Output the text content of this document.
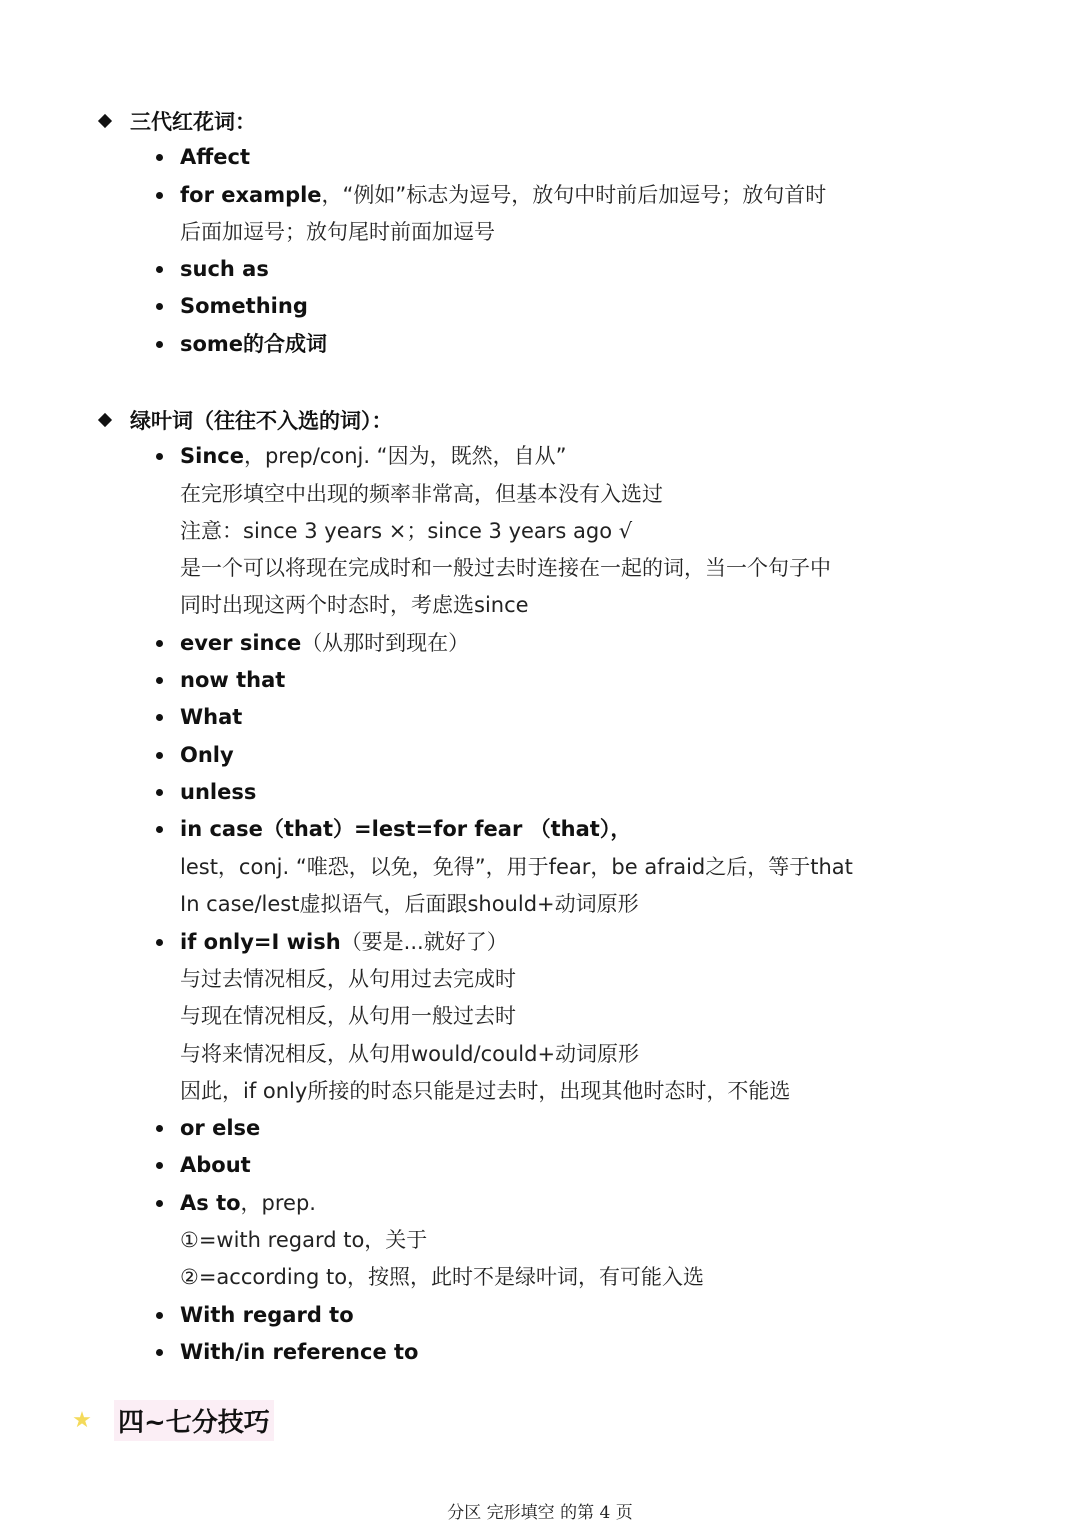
三代红花词：
Affect
for example，“例如”标志为逗号，放句中时前后加逗号；放句首时
后面加逗号；放句尾时前面加逗号
such as
Something
some的合成词
绿叶词（往往不入选的词）：
Since，prep/conj. “因为，既然，自从”
在完形填空中出现的频率非常高，但基本没有入选过
注意：since 3 years ×；since 3 years ago √
是一个可以将现在完成时和一般过去时连接在一起的词，当一个句子中
同时出现这两个时态时，考虑选since
ever since（从那时到现在）
now that
What
Only
unless
in case（that）=lest=for fear （that），
lest，conj. “唯恐，以免，免得”，用于fear，be afraid之后，等于that
In case/lest虚拟语气，后面跟should+动词原形
if only=I wish（要是...就好了）
与过去情况相反，从句用过去完成时
与现在情况相反，从句用一般过去时
与将来情况相反，从句用would/could+动词原形
因此，if only所接的时态只能是过去时，出现其他时态时，不能选
or else
About
As to，prep.
①=with regard to，关于
②=according to，按照，此时不是绿叶词，有可能入选
With regard to
With/in reference to
★ 四~七分技巧
分区 完形填空 的第 4 页
